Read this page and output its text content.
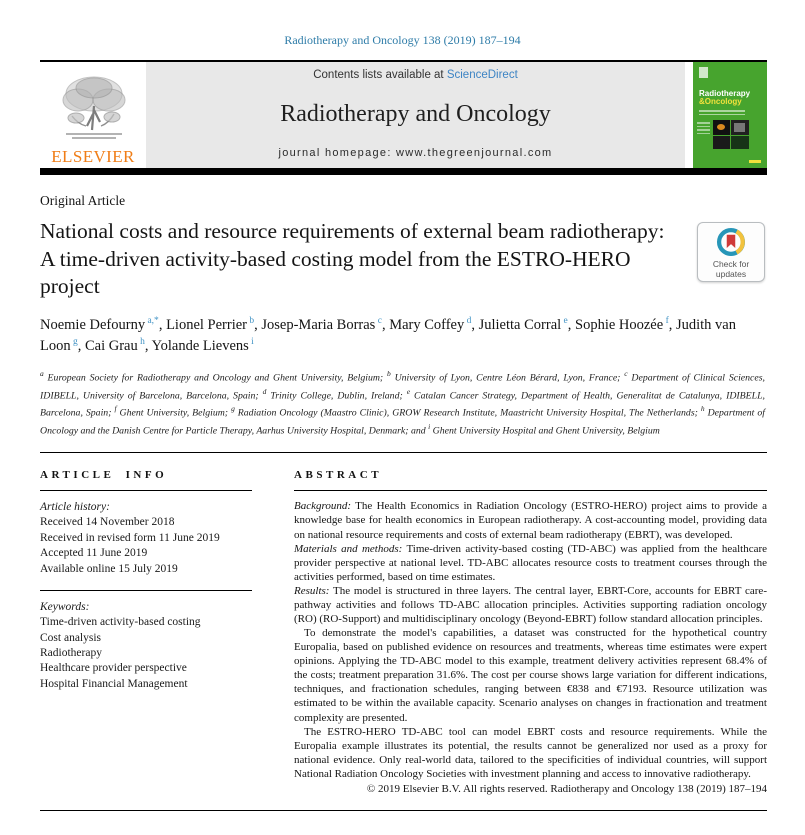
Radiotherapy and Oncology 138 (2019) 187–194
ELSEVIER
Contents lists available at ScienceDirect
Radiotherapy and Oncology
journal homepage: www.thegreenjournal.com
Radiotherapy
&Oncology
Original Article
National costs and resource requirements of external beam radiotherapy: A time-driven activity-based costing model from the ESTRO-HERO project
Check for
updates
Noemie Defourny $^{a,*}$, Lionel Perrier $^b$, Josep-Maria Borras $^c$, Mary Coffey $^d$, Julietta Corral $^e$, Sophie Hoozée $^f$, Judith van Loon $^g$, Cai Grau $^h$, Yolande Lievens $^i$
$^a$ European Society for Radiotherapy and Oncology and Ghent University, Belgium; $^b$ University of Lyon, Centre Léon Bérard, Lyon, France; $^c$ Department of Clinical Sciences, IDIBELL, University of Barcelona, Barcelona, Spain; $^d$ Trinity College, Dublin, Ireland; $^e$ Catalan Cancer Strategy, Department of Health, Generalitat de Catalunya, IDIBELL, Barcelona, Spain; $^f$ Ghent University, Belgium; $^g$ Radiation Oncology (Maastro Clinic), GROW Research Institute, Maastricht University Hospital, The Netherlands; $^h$ Department of Oncology and the Danish Centre for Particle Therapy, Aarhus University Hospital, Denmark; and $^i$ Ghent University Hospital and Ghent University, Belgium
ARTICLE INFO
Article history:
Received 14 November 2018
Received in revised form 11 June 2019
Accepted 11 June 2019
Available online 15 July 2019
Keywords:
Time-driven activity-based costing
Cost analysis
Radiotherapy
Healthcare provider perspective
Hospital Financial Management
ABSTRACT

Background: The Health Economics in Radiation Oncology (ESTRO-HERO) project aims to provide a knowledge base for health economics in European radiotherapy. A cost-accounting model, providing data on national resource requirements and costs of external beam radiotherapy (EBRT), was developed.

Materials and methods: Time-driven activity-based costing (TD-ABC) was applied from the healthcare provider perspective at national level. TD-ABC allocates resource costs to treatment courses through the activities performed, based on time estimates.

Results: The model is structured in three layers. The central layer, EBRT-Core, accounts for EBRT care-pathway activities and follows TD-ABC allocation principles. Activities supporting radiation oncology (RO) (RO-Support) and multidisciplinary oncology (Beyond-EBRT) follow standard allocation principles.

To demonstrate the model's capabilities, a dataset was constructed for the hypothetical country Europalia, based on published evidence on resources and treatments, whereas time estimates were expert opinions. Applying the TD-ABC model to this example, treatment delivery activities represent 68.4% of the costs; treatment preparation 31.6%. The cost per course shows large variation for different indications, techniques, and fractionation schedules, ranging between €838 and €7193. Resource utilization was estimated to be within the available capacity. Scenario analyses on changes in fractionation and treatment complexity are presented.

The ESTRO-HERO TD-ABC tool can model EBRT costs and resource requirements. While the Europalia example illustrates its potential, the results cannot be generalized nor used as a proxy for national evidence. Only real-world data, tailored to the specificities of individual countries, will support National Radiation Oncology Societies with investment planning and access to innovative radiotherapy.

© 2019 Elsevier B.V. All rights reserved. Radiotherapy and Oncology 138 (2019) 187–194
